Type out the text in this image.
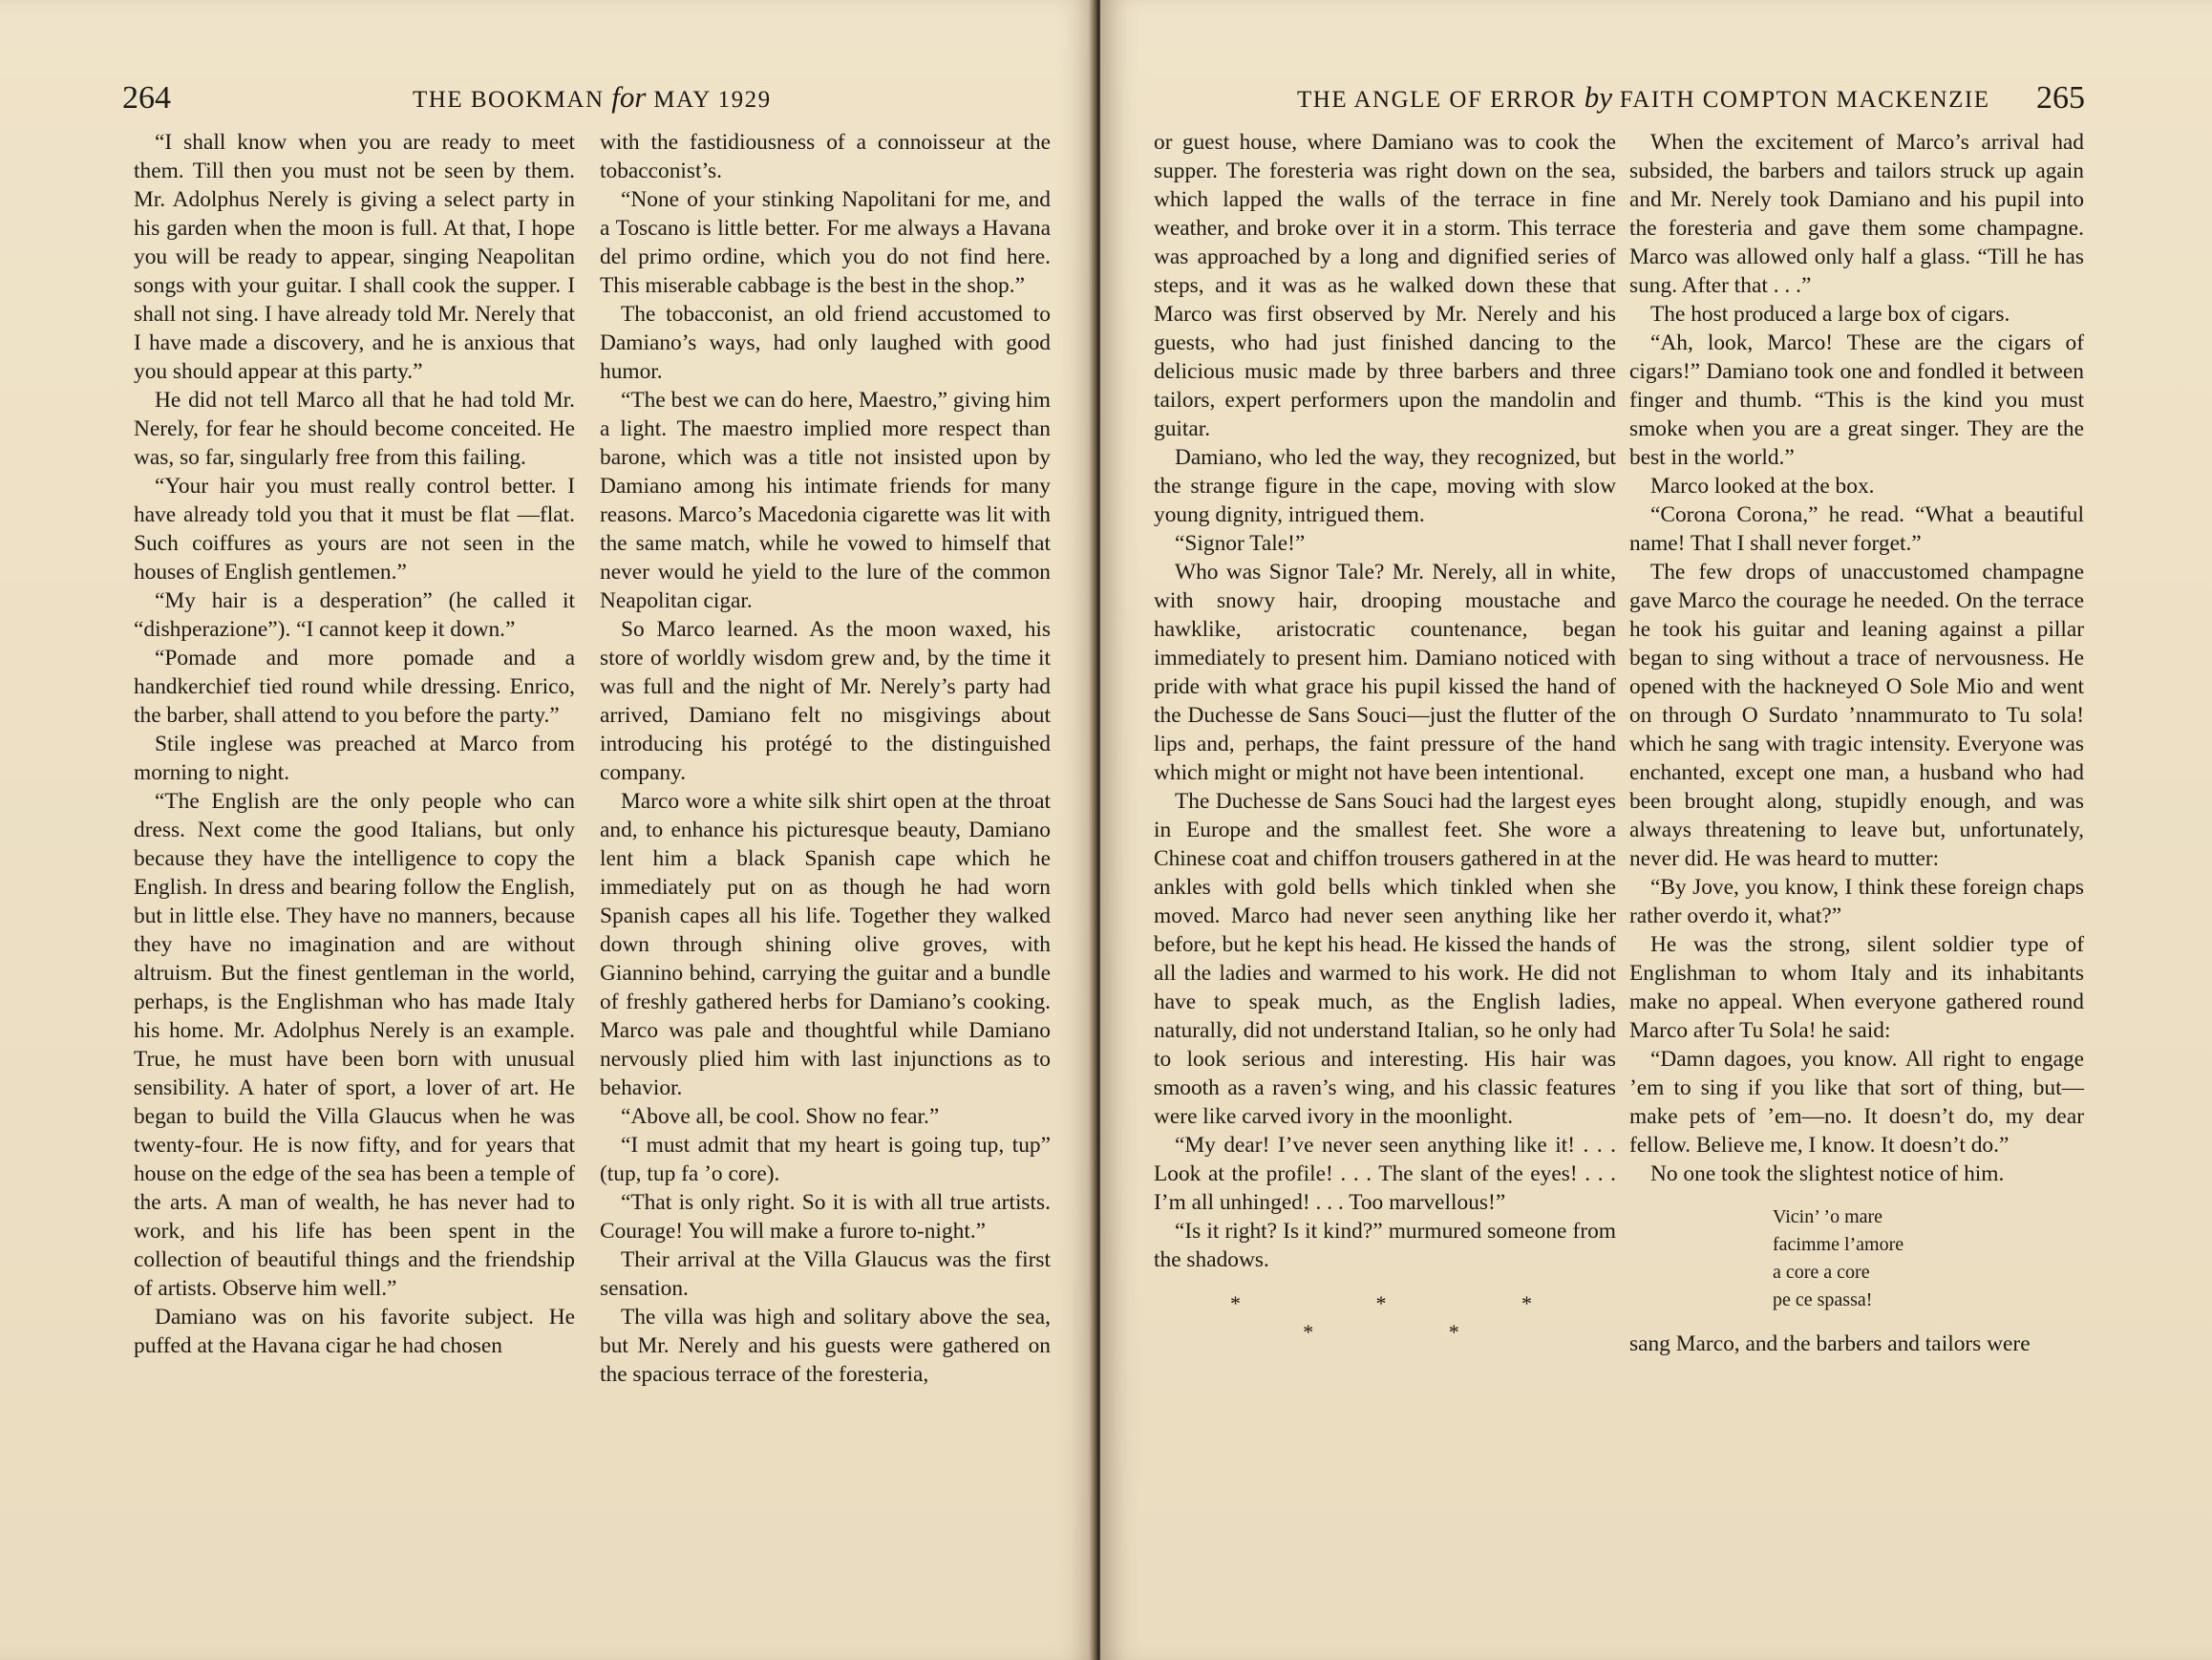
264	THE BOOKMAN for MAY 1929

“I shall know when you are ready to meet them. Till then you must not be seen by them. Mr. Adolphus Nerely is giving a select party in his garden when the moon is full. At that, I hope you will be ready to appear, singing Neapolitan songs with your guitar. I shall cook the supper. I shall not sing. I have already told Mr. Nerely that I have made a discovery, and he is anxious that you should appear at this party.”

He did not tell Marco all that he had told Mr. Nerely, for fear he should become conceited. He was, so far, singularly free from this failing.

“Your hair you must really control better. I have already told you that it must be flat —flat. Such coiffures as yours are not seen in the houses of English gentlemen.”

“My hair is a desperation” (he called it “dishperazione”). “I cannot keep it down.”

“Pomade and more pomade and a handkerchief tied round while dressing. Enrico, the barber, shall attend to you before the party.”

Stile inglese was preached at Marco from morning to night.

“The English are the only people who can dress. Next come the good Italians, but only because they have the intelligence to copy the English. In dress and bearing follow the English, but in little else. They have no manners, because they have no imagination and are without altruism. But the finest gentleman in the world, perhaps, is the Englishman who has made Italy his home. Mr. Adolphus Nerely is an example. True, he must have been born with unusual sensibility. A hater of sport, a lover of art. He began to build the Villa Glaucus when he was twenty-four. He is now fifty, and for years that house on the edge of the sea has been a temple of the arts. A man of wealth, he has never had to work, and his life has been spent in the collection of beautiful things and the friendship of artists. Observe him well.”

Damiano was on his favorite subject. He puffed at the Havana cigar he had chosen

with the fastidiousness of a connoisseur at the tobacconist’s.

“None of your stinking Napolitani for me, and a Toscano is little better. For me always a Havana del primo ordine, which you do not find here. This miserable cabbage is the best in the shop.”

The tobacconist, an old friend accustomed to Damiano’s ways, had only laughed with good humor.

“The best we can do here, Maestro,” giving him a light. The maestro implied more respect than barone, which was a title not insisted upon by Damiano among his intimate friends for many reasons. Marco’s Macedonia cigarette was lit with the same match, while he vowed to himself that never would he yield to the lure of the common Neapolitan cigar.

So Marco learned. As the moon waxed, his store of worldly wisdom grew and, by the time it was full and the night of Mr. Nerely’s party had arrived, Damiano felt no misgivings about introducing his protégé to the distinguished company.

Marco wore a white silk shirt open at the throat and, to enhance his picturesque beauty, Damiano lent him a black Spanish cape which he immediately put on as though he had worn Spanish capes all his life. Together they walked down through shining olive groves, with Giannino behind, carrying the guitar and a bundle of freshly gathered herbs for Damiano’s cooking. Marco was pale and thoughtful while Damiano nervously plied him with last injunctions as to behavior.

“Above all, be cool. Show no fear.”

“I must admit that my heart is going tup, tup” (tup, tup fa ’o core).

“That is only right. So it is with all true artists. Courage! You will make a furore to-night.”

Their arrival at the Villa Glaucus was the first sensation.

The villa was high and solitary above the sea, but Mr. Nerely and his guests were gathered on the spacious terrace of the foresteria,

THE ANGLE OF ERROR by FAITH COMPTON MACKENZIE 265

or guest house, where Damiano was to cook the supper. The foresteria was right down on the sea, which lapped the walls of the terrace in fine weather, and broke over it in a storm. This terrace was approached by a long and dignified series of steps, and it was as he walked down these that Marco was first observed by Mr. Nerely and his guests, who had just finished dancing to the delicious music made by three barbers and three tailors, expert performers upon the mandolin and guitar.

Damiano, who led the way, they recognized, but the strange figure in the cape, moving with slow young dignity, intrigued them.

“Signor Tale!”

Who was Signor Tale? Mr. Nerely, all in white, with snowy hair, drooping moustache and hawklike, aristocratic countenance, began immediately to present him. Damiano noticed with pride with what grace his pupil kissed the hand of the Duchesse de Sans Souci—just the flutter of the lips and, perhaps, the faint pressure of the hand which might or might not have been intentional.

The Duchesse de Sans Souci had the largest eyes in Europe and the smallest feet. She wore a Chinese coat and chiffon trousers gathered in at the ankles with gold bells which tinkled when she moved. Marco had never seen anything like her before, but he kept his head. He kissed the hands of all the ladies and warmed to his work. He did not have to speak much, as the English ladies, naturally, did not understand Italian, so he only had to look serious and interesting. His hair was smooth as a raven’s wing, and his classic features were like carved ivory in the moonlight.

“My dear! I’ve never seen anything like it! . . . Look at the profile! . . . The slant of the eyes! . . . I’m all unhinged! . . . Too marvellous!”

“Is it right? Is it kind?” murmured someone from the shadows.

* * * * *

When the excitement of Marco’s arrival had subsided, the barbers and tailors struck up again and Mr. Nerely took Damiano and his pupil into the foresteria and gave them some champagne. Marco was allowed only half a glass. “Till he has sung. After that . . .”

The host produced a large box of cigars.

“Ah, look, Marco! These are the cigars of cigars!” Damiano took one and fondled it between finger and thumb. “This is the kind you must smoke when you are a great singer. They are the best in the world.”

Marco looked at the box.

“Corona Corona,” he read. “What a beautiful name! That I shall never forget.”

The few drops of unaccustomed champagne gave Marco the courage he needed. On the terrace he took his guitar and leaning against a pillar began to sing without a trace of nervousness. He opened with the hackneyed O Sole Mio and went on through O Surdato ’nnammurato to Tu sola! which he sang with tragic intensity. Everyone was enchanted, except one man, a husband who had been brought along, stupidly enough, and was always threatening to leave but, unfortunately, never did. He was heard to mutter:

“By Jove, you know, I think these foreign chaps rather overdo it, what?”

He was the strong, silent soldier type of Englishman to whom Italy and its inhabitants make no appeal. When everyone gathered round Marco after Tu Sola! he said:

“Damn dagoes, you know. All right to engage ’em to sing if you like that sort of thing, but—make pets of ’em—no. It doesn’t do, my dear fellow. Believe me, I know. It doesn’t do.”

No one took the slightest notice of him.

Vicin’ ’o mare
facimme l’amore
a core a core
pe ce spassa!

sang Marco, and the barbers and tailors were
